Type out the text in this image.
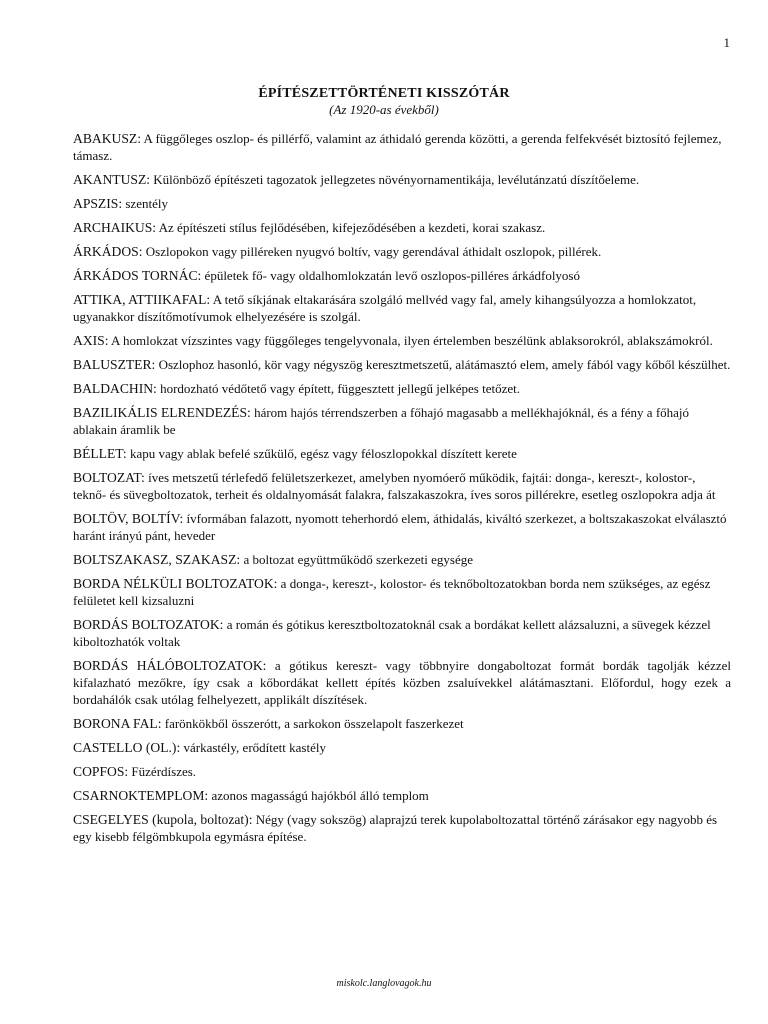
1
ÉPÍTÉSZETTÖRTÉNETI KISSZÓTÁR
(Az 1920-as évekből)

ABAKUSZ: A függőleges oszlop- és pillérfő, valamint az áthidaló gerenda közötti, a gerenda felfekvését biztosító fejlemez, támasz.

AKANTUSZ: Különböző építészeti tagozatok jellegzetes növényornamentikája, levélutánzatú díszítőeleme.

APSZIS: szentély

ARCHAIKUS: Az építészeti stílus fejlődésében, kifejeződésében a kezdeti, korai szakasz.

ÁRKÁDOS: Oszlopokon vagy pilléreken nyugvó boltív, vagy gerendával áthidalt oszlopok, pillérek.

ÁRKÁDOS TORNÁC: épületek fő- vagy oldalhomlokzatán levő oszlopos-pilléres árkádfolyosó

ATTIKA, ATTIIKAFAL: A tető síkjának eltakarására szolgáló mellvéd vagy fal, amely kihangsúlyozza a homlokzatot, ugyanakkor díszítőmotívumok elhelyezésére is szolgál.

AXIS: A homlokzat vízszintes vagy függőleges tengelyvonala, ilyen értelemben beszélünk ablaksorokról, ablakszámokról.

BALUSZTER: Oszlophoz hasonló, kör vagy négyszög keresztmetszetű, alátámasztó elem, amely fából vagy kőből készülhet.

BALDACHIN: hordozható védőtető vagy épített, függesztett jellegű jelképes tetőzet.

BAZILIKÁLIS ELRENDEZÉS: három hajós térrendszerben a főhajó magasabb a mellékhajóknál, és a fény a főhajó ablakain áramlik be

BÉLLET: kapu vagy ablak befelé szűkülő, egész vagy féloszlopokkal díszített kerete

BOLTOZAT: íves metszetű térlefedő felületszerkezet, amelyben nyomóerő működik, fajtái: donga-, kereszt-, kolostor-, teknő- és süvegboltozatok, terheit és oldalnyomását falakra, falszakaszokra, íves soros pillérekre, esetleg oszlopokra adja át

BOLTÖV, BOLTÍV: ívformában falazott, nyomott teherhordó elem, áthidalás, kiváltó szerkezet, a boltszakaszokat elválasztó haránt irányú pánt, heveder

BOLTSZAKASZ, SZAKASZ: a boltozat együttműködő szerkezeti egysége

BORDA NÉLKÜLI BOLTOZATOK: a donga-, kereszt-, kolostor- és teknőboltozatokban borda nem szükséges, az egész felületet kell kizsaluzni

BORDÁS BOLTOZATOK: a román és gótikus keresztboltozatoknál csak a bordákat kellett alázsaluzni, a süvegek kézzel kiboltozhatók voltak

BORDÁS HÁLÓBOLTOZATOK: a gótikus kereszt- vagy többnyire dongaboltozat formát bordák tagolják kézzel kifalazható mezőkre, így csak a kőbordákat kellett építés közben zsaluívekkel alátámasztani. Előfordul, hogy ezek a bordahálók csak utólag felhelyezett, applikált díszítések.

BORONA FAL: farönkökből összerótt, a sarkokon összelapolt faszerkezet

CASTELLO (OL.): várkastély, erődített kastély

COPFOS: Füzérdíszes.

CSARNOKTEMPLOM: azonos magasságú hajókból álló templom

CSEGELYES (kupola, boltozat): Négy (vagy sokszög) alaprajzú terek kupolaboltozattal történő zárásakor egy nagyobb és egy kisebb félgömbkupola egymásra építése.

miskolc.langlovagok.hu
